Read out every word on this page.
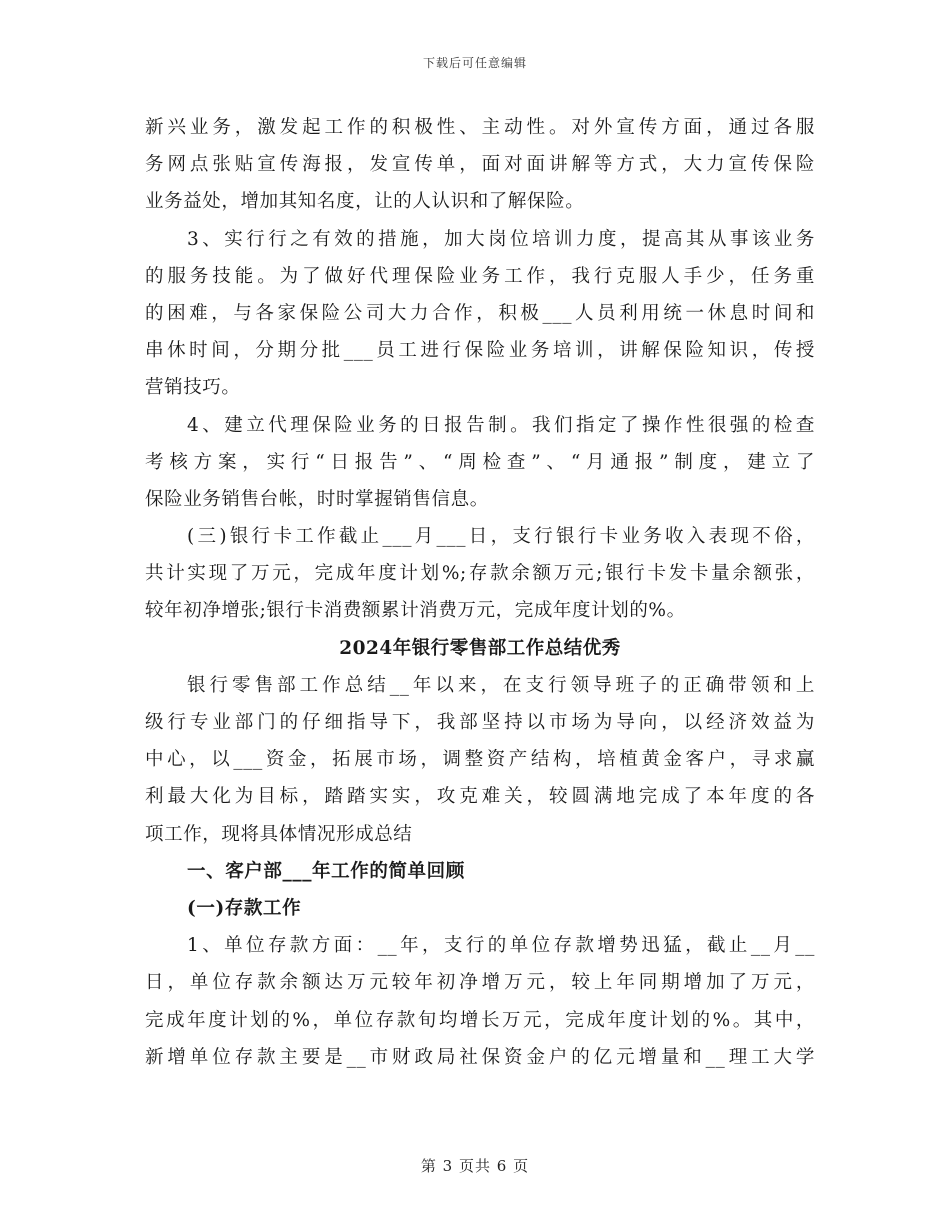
下载后可任意编辑
新兴业务，激发起工作的积极性、主动性。对外宣传方面，通过各服
务网点张贴宣传海报，发宣传单，面对面讲解等方式，大力宣传保险
业务益处，增加其知名度，让的人认识和了解保险。
3、实行行之有效的措施，加大岗位培训力度，提高其从事该业务
的服务技能。为了做好代理保险业务工作，我行克服人手少，任务重
的困难，与各家保险公司大力合作，积极___人员利用统一休息时间和
串休时间，分期分批___员工进行保险业务培训，讲解保险知识，传授
营销技巧。
4、建立代理保险业务的日报告制。我们指定了操作性很强的检查
考核方案，实行“日报告”、“周检查”、“月通报”制度，建立了
保险业务销售台帐，时时掌握销售信息。
(三)银行卡工作截止___月___日，支行银行卡业务收入表现不俗，
共计实现了万元，完成年度计划%;存款余额万元;银行卡发卡量余额张，
较年初净增张;银行卡消费额累计消费万元，完成年度计划的%。
2024年银行零售部工作总结优秀
银行零售部工作总结__年以来，在支行领导班子的正确带领和上
级行专业部门的仔细指导下，我部坚持以市场为导向，以经济效益为
中心，以___资金，拓展市场，调整资产结构，培植黄金客户，寻求赢
利最大化为目标，踏踏实实，攻克难关，较圆满地完成了本年度的各
项工作，现将具体情况形成总结
一、客户部___年工作的简单回顾
(一)存款工作
1、单位存款方面：__年，支行的单位存款增势迅猛，截止__月__
日，单位存款余额达万元较年初净增万元，较上年同期增加了万元，
完成年度计划的%，单位存款旬均增长万元，完成年度计划的%。其中，
新增单位存款主要是__市财政局社保资金户的亿元增量和__理工大学
第 3 页共 6 页
